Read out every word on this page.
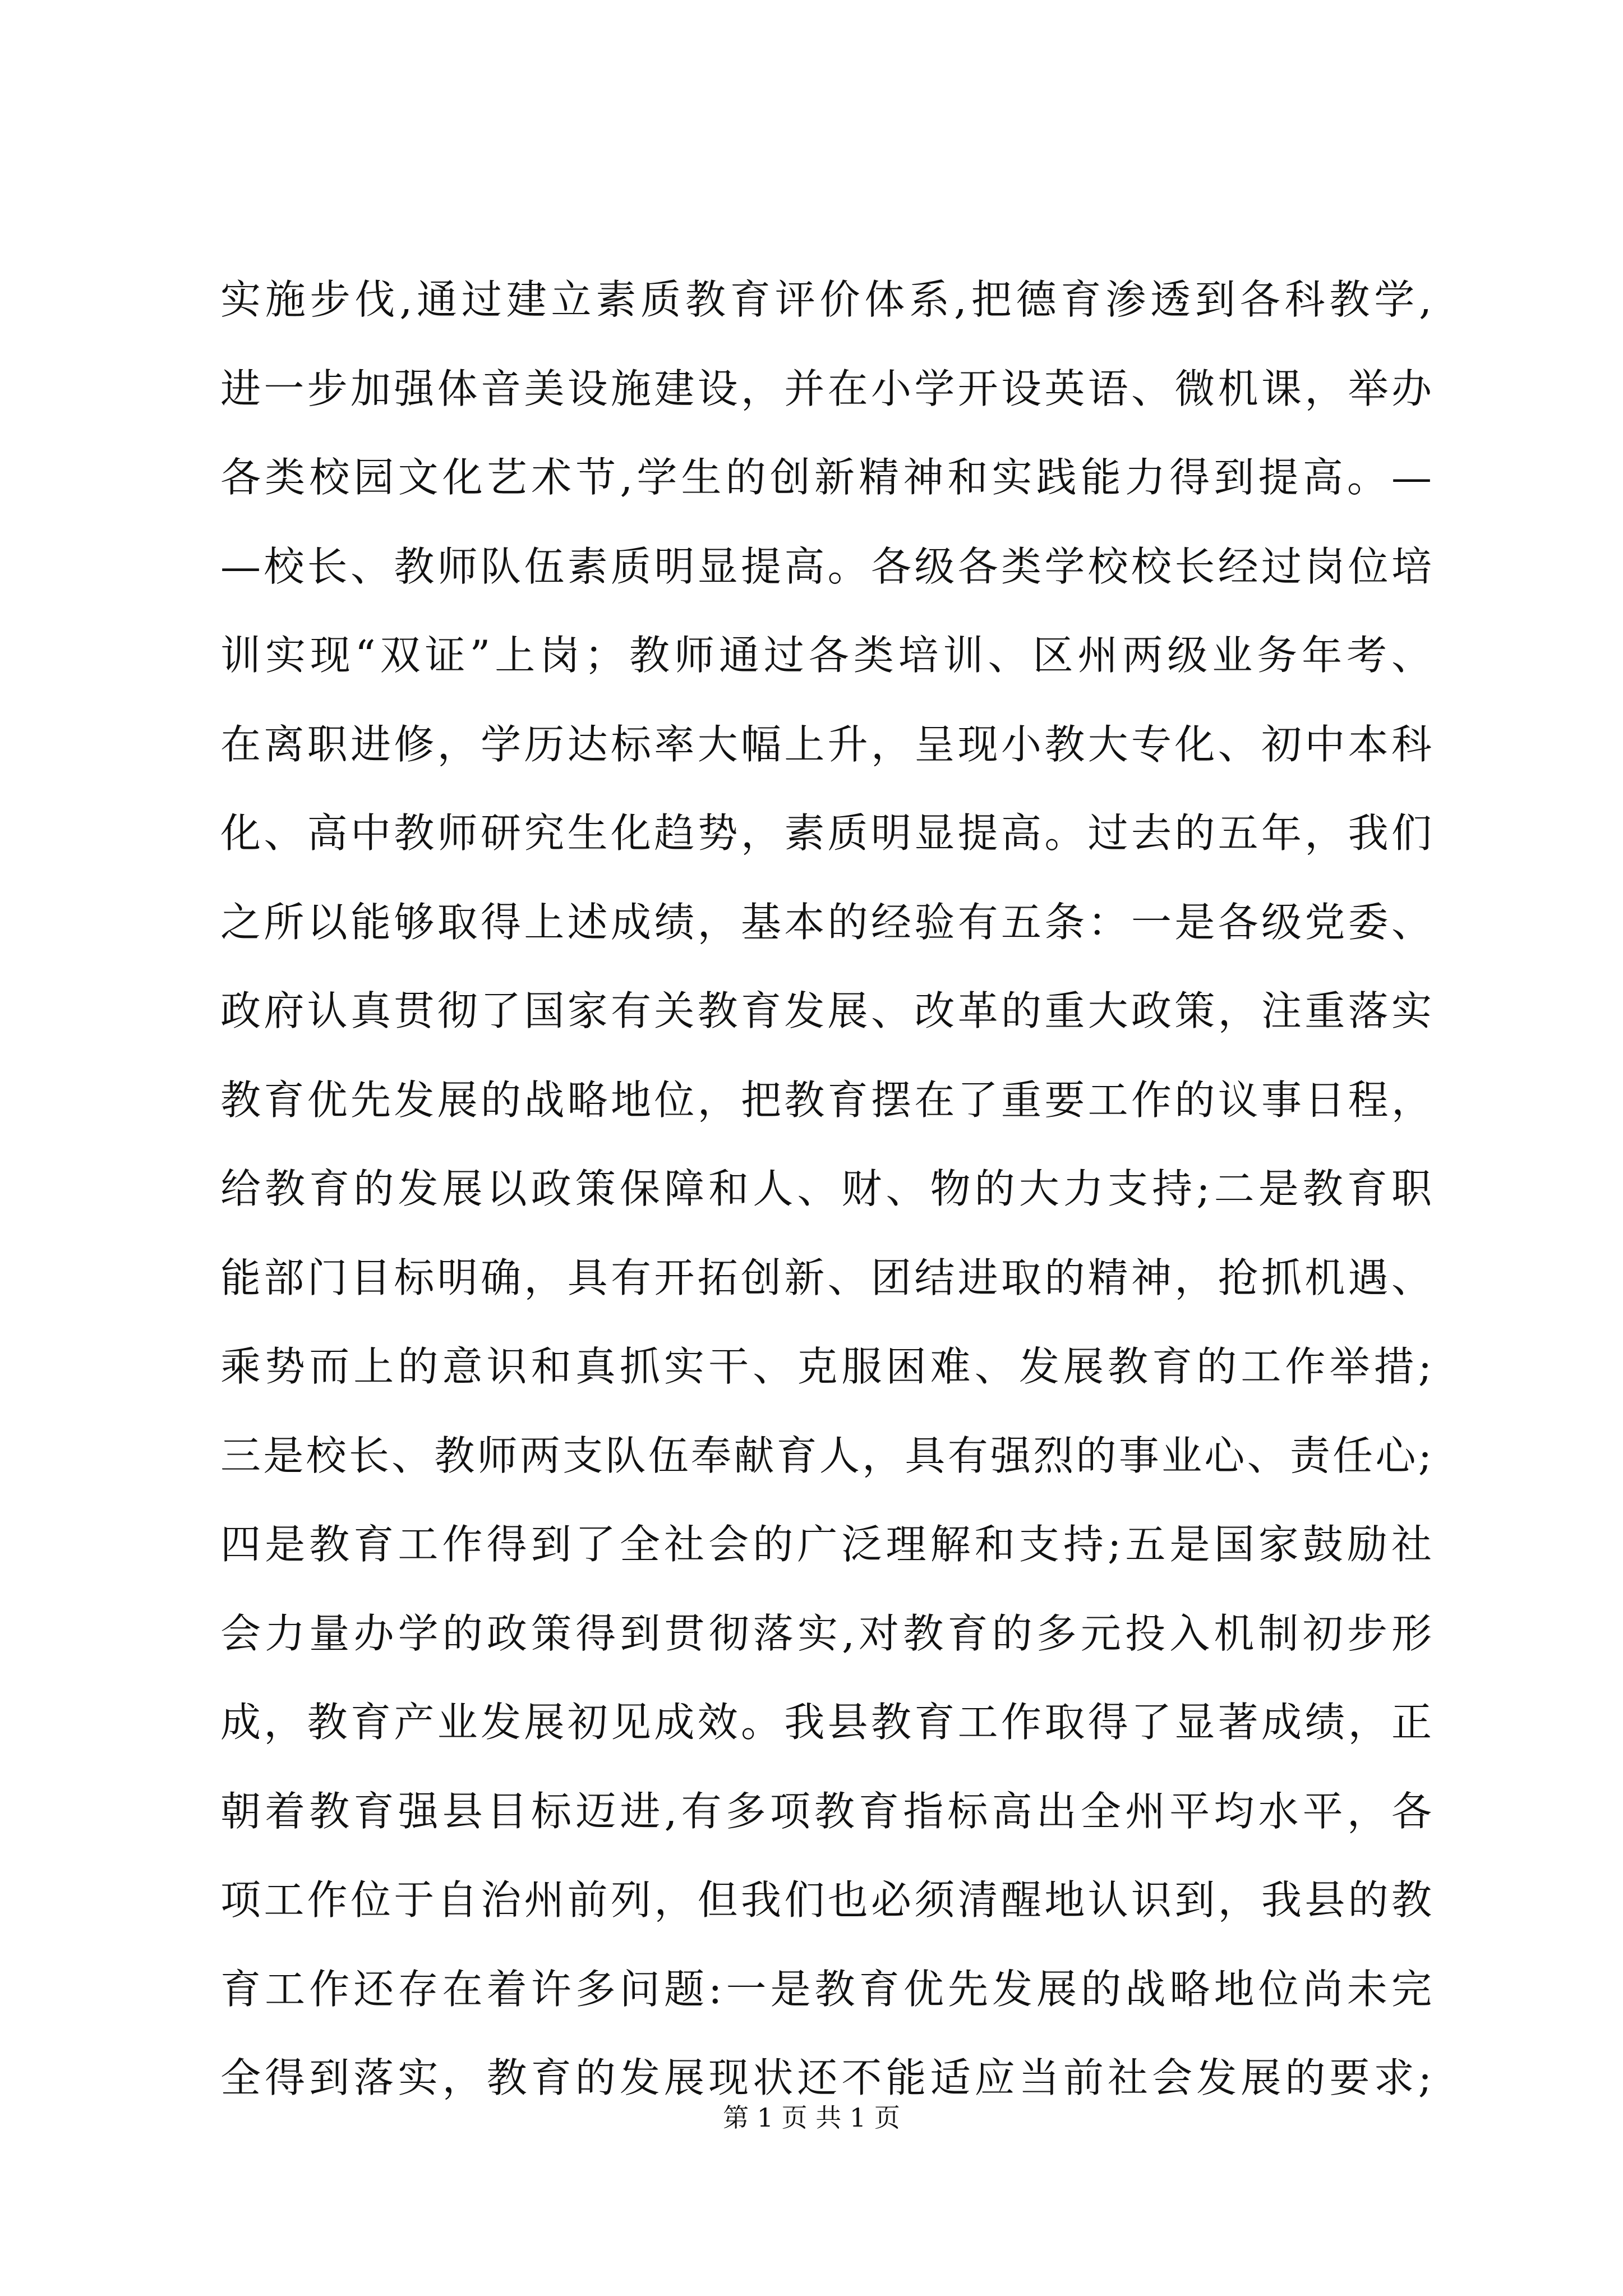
实施步伐,通过建立素质教育评价体系,把德育渗透到各科教学,
进一步加强体音美设施建设，并在小学开设英语、微机课，举办
各类校园文化艺术节,学生的创新精神和实践能力得到提高。—
—校长、教师队伍素质明显提高。各级各类学校校长经过岗位培
训实现“双证”上岗；教师通过各类培训、区州两级业务年考、
在离职进修，学历达标率大幅上升，呈现小教大专化、初中本科
化、高中教师研究生化趋势，素质明显提高。过去的五年，我们
之所以能够取得上述成绩，基本的经验有五条：一是各级党委、
政府认真贯彻了国家有关教育发展、改革的重大政策，注重落实
教育优先发展的战略地位，把教育摆在了重要工作的议事日程，
给教育的发展以政策保障和人、财、物的大力支持;二是教育职
能部门目标明确，具有开拓创新、团结进取的精神，抢抓机遇、
乘势而上的意识和真抓实干、克服困难、发展教育的工作举措;
三是校长、教师两支队伍奉献育人，具有强烈的事业心、责任心;
四是教育工作得到了全社会的广泛理解和支持;五是国家鼓励社
会力量办学的政策得到贯彻落实,对教育的多元投入机制初步形
成，教育产业发展初见成效。我县教育工作取得了显著成绩，正
朝着教育强县目标迈进,有多项教育指标高出全州平均水平，各
项工作位于自治州前列，但我们也必须清醒地认识到，我县的教
育工作还存在着许多问题:一是教育优先发展的战略地位尚未完
全得到落实，教育的发展现状还不能适应当前社会发展的要求;
第 1 页 共 1 页
